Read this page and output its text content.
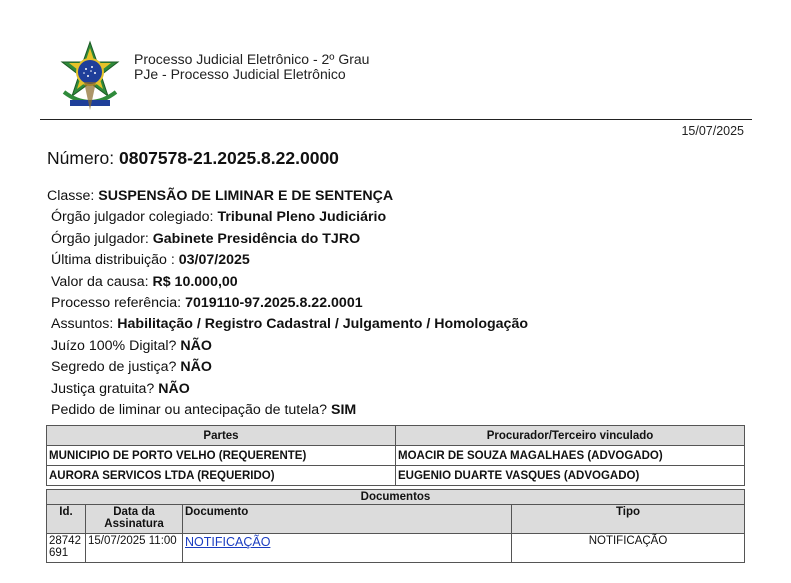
Processo Judicial Eletrônico - 2º Grau
PJe - Processo Judicial Eletrônico
15/07/2025
Número: 0807578-21.2025.8.22.0000
Classe: SUSPENSÃO DE LIMINAR E DE SENTENÇA
Órgão julgador colegiado: Tribunal Pleno Judiciário
Órgão julgador: Gabinete Presidência do TJRO
Última distribuição : 03/07/2025
Valor da causa: R$ 10.000,00
Processo referência: 7019110-97.2025.8.22.0001
Assuntos: Habilitação / Registro Cadastral / Julgamento / Homologação
Juízo 100% Digital? NÃO
Segredo de justiça? NÃO
Justiça gratuita? NÃO
Pedido de liminar ou antecipação de tutela? SIM
Partes	Procurador/Terceiro vinculado
MUNICIPIO DE PORTO VELHO (REQUERENTE)	MOACIR DE SOUZA MAGALHAES (ADVOGADO)
AURORA SERVICOS LTDA (REQUERIDO)	EUGENIO DUARTE VASQUES (ADVOGADO)
Documentos			
Id.	Data da Assinatura	Documento	Tipo
28742 691	15/07/2025 11:00	NOTIFICAÇÃO	NOTIFICAÇÃO
